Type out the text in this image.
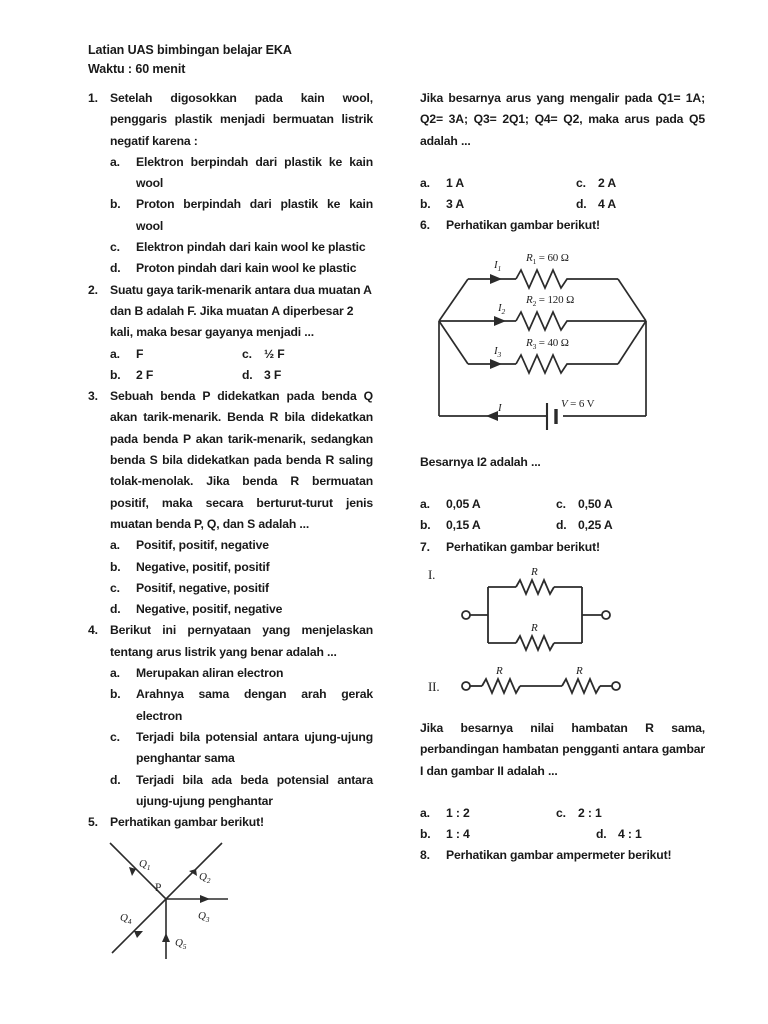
Latian UAS bimbingan belajar EKA
Waktu : 60 menit
1. Setelah digosokkan pada kain wool, penggaris plastik menjadi bermuatan listrik negatif karena :
a.	Elektron berpindah dari plastik ke kain wool
b.	Proton berpindah dari plastik ke kain wool
c.	Elektron pindah dari kain wool ke plastic
d.	Proton pindah dari kain wool ke plastic
2. Suatu gaya tarik-menarik antara dua muatan A dan B adalah F. Jika muatan A diperbesar 2 kali, maka besar gayanya menjadi ...
a. F	c. ½ F
b. 2 F	d. 3 F
3. Sebuah benda P didekatkan pada benda Q akan tarik-menarik. Benda R bila didekatkan pada benda P akan tarik-menarik, sedangkan benda S bila didekatkan pada benda R saling tolak-menolak. Jika benda R bermuatan positif, maka secara berturut-turut jenis muatan benda P, Q, dan S adalah ...
a.	Positif, positif, negative
b.	Negative, positif, positif
c.	Positif, negative, positif
d.	Negative, positif, negative
4. Berikut ini pernyataan yang menjelaskan tentang arus listrik yang benar adalah ...
a.	Merupakan aliran electron
b.	Arahnya sama dengan arah gerak electron
c.	Terjadi bila potensial antara ujung-ujung penghantar sama
d.	Terjadi bila ada beda potensial antara ujung-ujung penghantar
5. Perhatikan gambar berikut!
P
$Q_1$
$Q_2$
$Q_3$
$Q_4$
$Q_5$
Jika besarnya arus yang mengalir pada Q1= 1A; Q2= 3A; Q3= 2Q1; Q4= Q2, maka arus pada Q5 adalah ...
a. 1 A	c. 2 A
b. 3 A	d. 4 A
6.	Perhatikan gambar berikut!
$I_1$
$I_2$
$I_3$
I
$R_1 = 60$ Ω
$R_2 = 120$ Ω
$R_3 = 40$ Ω
V = 6 V
Besarnya I2 adalah ...
a. 0,05 A	c. 0,50 A
b. 0,15 A	d. 0,25 A
7.	Perhatikan gambar berikut!
I.	R
R
II.
R	R
Jika besarnya nilai hambatan R sama, perbandingan hambatan pengganti antara gambar I dan gambar II adalah ...
a. 1 : 2	c. 2 : 1
b. 1 : 4	d. 4 : 1
8.	Perhatikan gambar ampermeter berikut!
